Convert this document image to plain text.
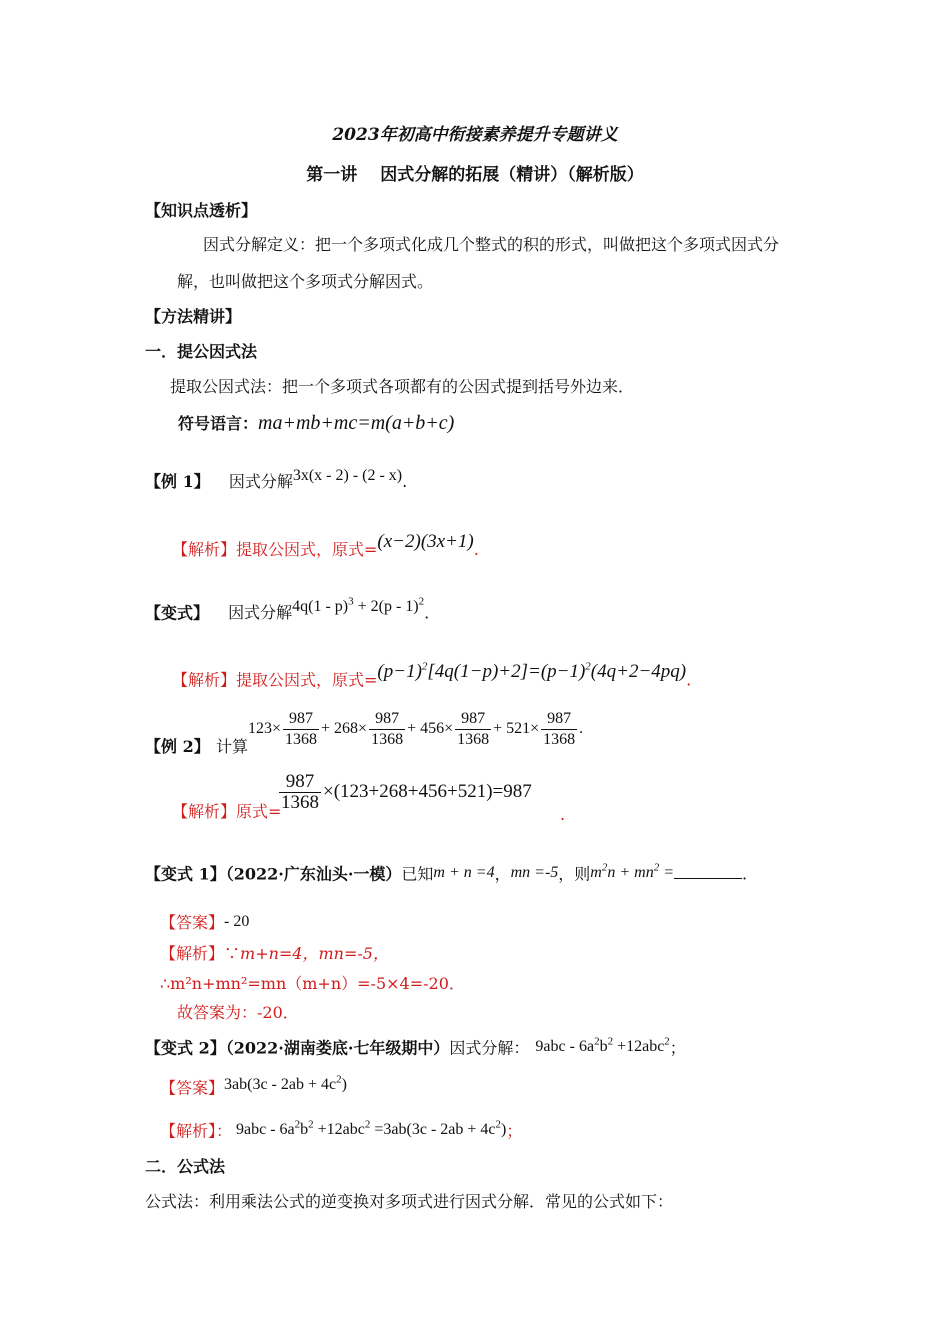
2023年初高中衔接素养提升专题讲义
第一讲　 因式分解的拓展（精讲）（解析版）
【知识点透析】
因式分解定义：把一个多项式化成几个整式的积的形式，叫做把这个多项式因式分
解，也叫做把这个多项式分解因式。
【方法精讲】
一．提公因式法
提取公因式法：把一个多项式各项都有的公因式提到括号外边来．
符号语言：ma+mb+mc=m(a+b+c)
【例 1】 因式分解3x(x - 2) - (2 - x).
【解析】提取公因式，原式=(x−2)(3x+1).
【变式】 因式分解4q(1 - p)$^3$ + 2(p - 1)$^2$.
【解析】提取公因式，原式$=(p-1)^2[4q(1-p)+2]=(p-1)^2(4q+2-4pq)$.
【例 2】 计算
$123\times \frac{987}{1368} + 268\times \frac{987}{1368} + 456\times \frac{987}{1368} + 521\times \frac{987}{1368}$ .
【解析】原式=
$\frac{987}{1368} \times(123+268+456+521)=987$
.
【变式 1】（2022·广东汕头·一模）已知m + n =4，mn =-5，则$m^2n + mn^2$ =	.
【答案】- 20
【解析】∵m+n=4，mn=-5，
∴m²n+mn²=mn（m+n）=-5×4=-20．
故答案为：-20．
【变式 2】（2022·湖南娄底·七年级期中）因式分解： $9abc - 6a^2b^2 +12abc^2$；
【答案】$3ab(3c - 2ab + 4c^2)$
【解析】： $9abc - 6a^2b^2 +12abc^2 =3ab(3c - 2ab + 4c^2)$；
二．公式法
公式法：利用乘法公式的逆变换对多项式进行因式分解．常见的公式如下：
